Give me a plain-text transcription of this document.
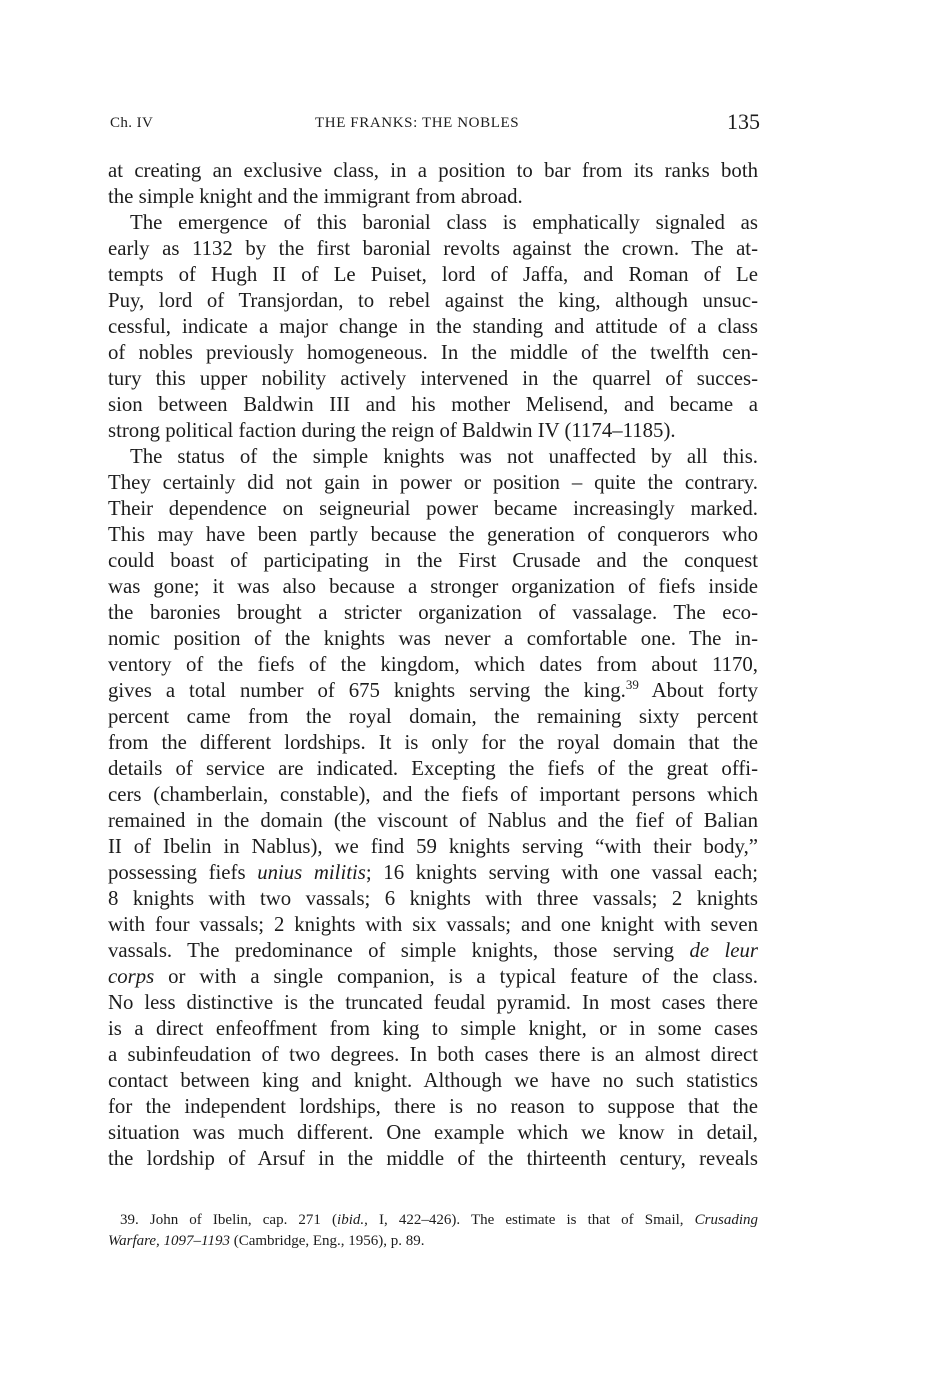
Ch. IV	THE FRANKS: THE NOBLES	135
at creating an exclusive class, in a position to bar from its ranks both
the simple knight and the immigrant from abroad.
The emergence of this baronial class is emphatically signaled as
early as 1132 by the first baronial revolts against the crown. The at-
tempts of Hugh II of Le Puiset, lord of Jaffa, and Roman of Le
Puy, lord of Transjordan, to rebel against the king, although unsuc-
cessful, indicate a major change in the standing and attitude of a class
of nobles previously homogeneous. In the middle of the twelfth cen-
tury this upper nobility actively intervened in the quarrel of succes-
sion between Baldwin III and his mother Melisend, and became a
strong political faction during the reign of Baldwin IV (1174–1185).
The status of the simple knights was not unaffected by all this.
They certainly did not gain in power or position – quite the contrary.
Their dependence on seigneurial power became increasingly marked.
This may have been partly because the generation of conquerors who
could boast of participating in the First Crusade and the conquest
was gone; it was also because a stronger organization of fiefs inside
the baronies brought a stricter organization of vassalage. The eco-
nomic position of the knights was never a comfortable one. The in-
ventory of the fiefs of the kingdom, which dates from about 1170,
gives a total number of 675 knights serving the king.$^{39}$ About forty
percent came from the royal domain, the remaining sixty percent
from the different lordships. It is only for the royal domain that the
details of service are indicated. Excepting the fiefs of the great offi-
cers (chamberlain, constable), and the fiefs of important persons which
remained in the domain (the viscount of Nablus and the fief of Balian
II of Ibelin in Nablus), we find 59 knights serving “with their body,”
possessing fiefs unius militis; 16 knights serving with one vassal each;
8 knights with two vassals; 6 knights with three vassals; 2 knights
with four vassals; 2 knights with six vassals; and one knight with seven
vassals. The predominance of simple knights, those serving de leur
corps or with a single companion, is a typical feature of the class.
No less distinctive is the truncated feudal pyramid. In most cases there
is a direct enfeoffment from king to simple knight, or in some cases
a subinfeudation of two degrees. In both cases there is an almost direct
contact between king and knight. Although we have no such statistics
for the independent lordships, there is no reason to suppose that the
situation was much different. One example which we know in detail,
the lordship of Arsuf in the middle of the thirteenth century, reveals
39. John of Ibelin, cap. 271 (ibid., I, 422–426). The estimate is that of Smail, Crusading
Warfare, 1097–1193 (Cambridge, Eng., 1956), p. 89.
